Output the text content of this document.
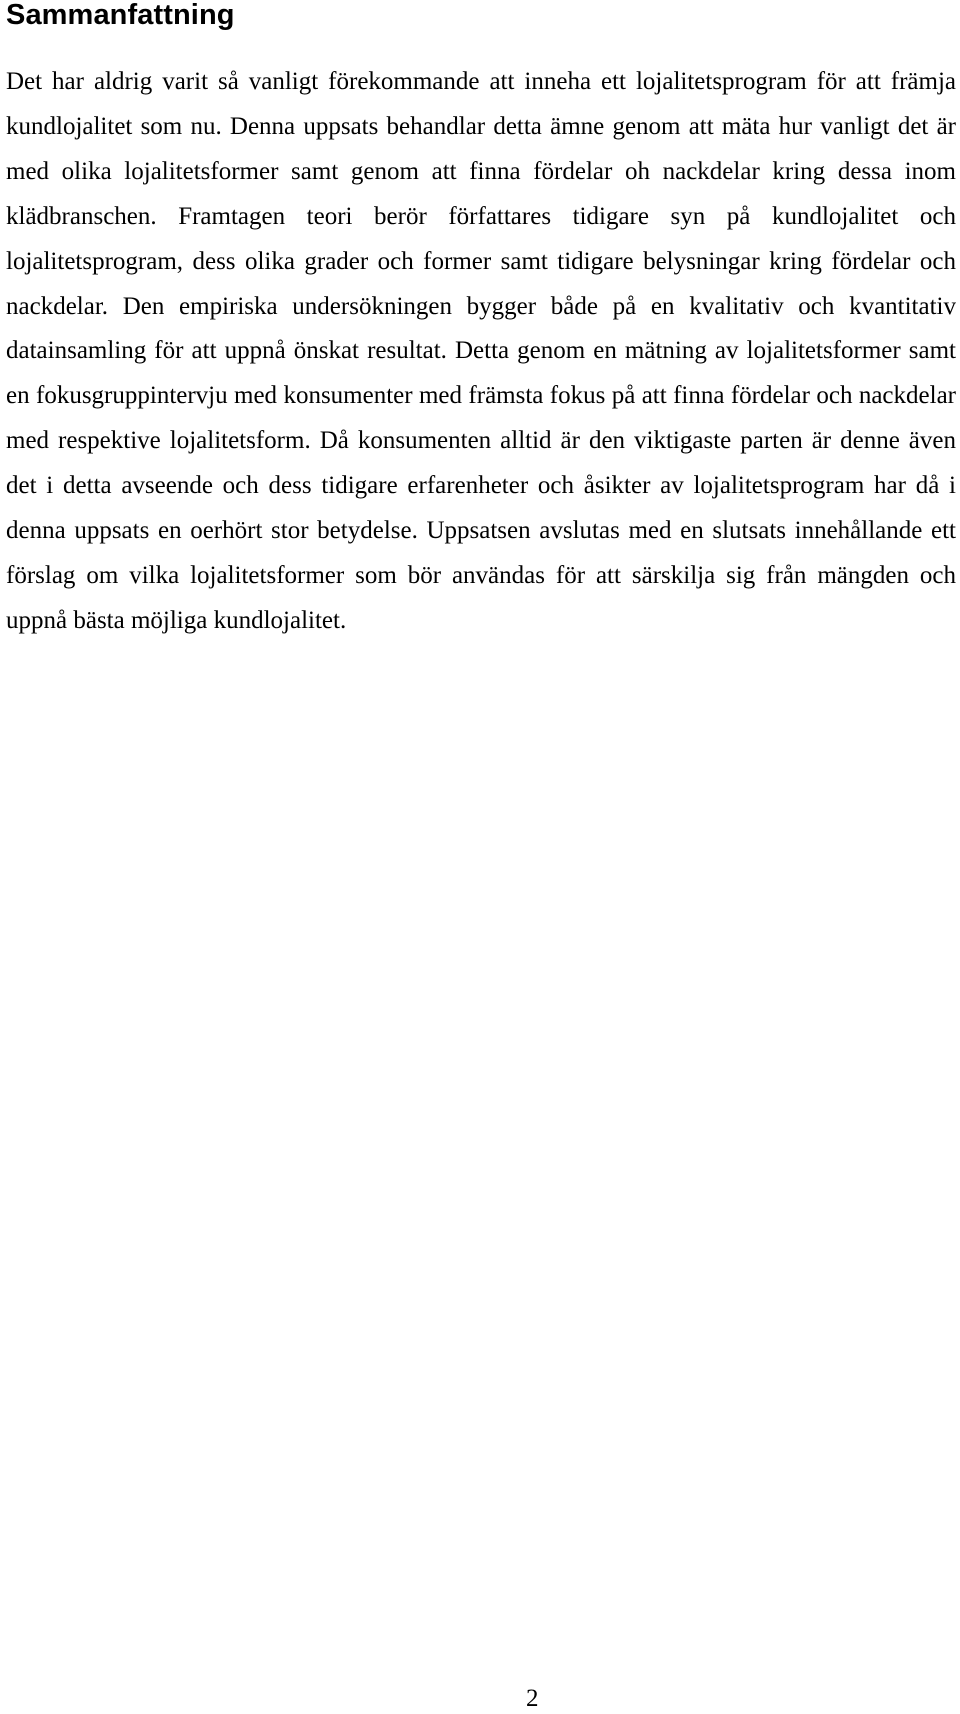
Sammanfattning

Det har aldrig varit så vanligt förekommande att inneha ett lojalitetsprogram för att främja kundlojalitet som nu. Denna uppsats behandlar detta ämne genom att mäta hur vanligt det är med olika lojalitetsformer samt genom att finna fördelar oh nackdelar kring dessa inom klädbranschen. Framtagen teori berör författares tidigare syn på kundlojalitet och lojalitetsprogram, dess olika grader och former samt tidigare belysningar kring fördelar och nackdelar. Den empiriska undersökningen bygger både på en kvalitativ och kvantitativ datainsamling för att uppnå önskat resultat. Detta genom en mätning av lojalitetsformer samt en fokusgruppintervju med konsumenter med främsta fokus på att finna fördelar och nackdelar med respektive lojalitetsform. Då konsumenten alltid är den viktigaste parten är denne även det i detta avseende och dess tidigare erfarenheter och åsikter av lojalitetsprogram har då i denna uppsats en oerhört stor betydelse. Uppsatsen avslutas med en slutsats innehållande ett förslag om vilka lojalitetsformer som bör användas för att särskilja sig från mängden och uppnå bästa möjliga kundlojalitet.

2
